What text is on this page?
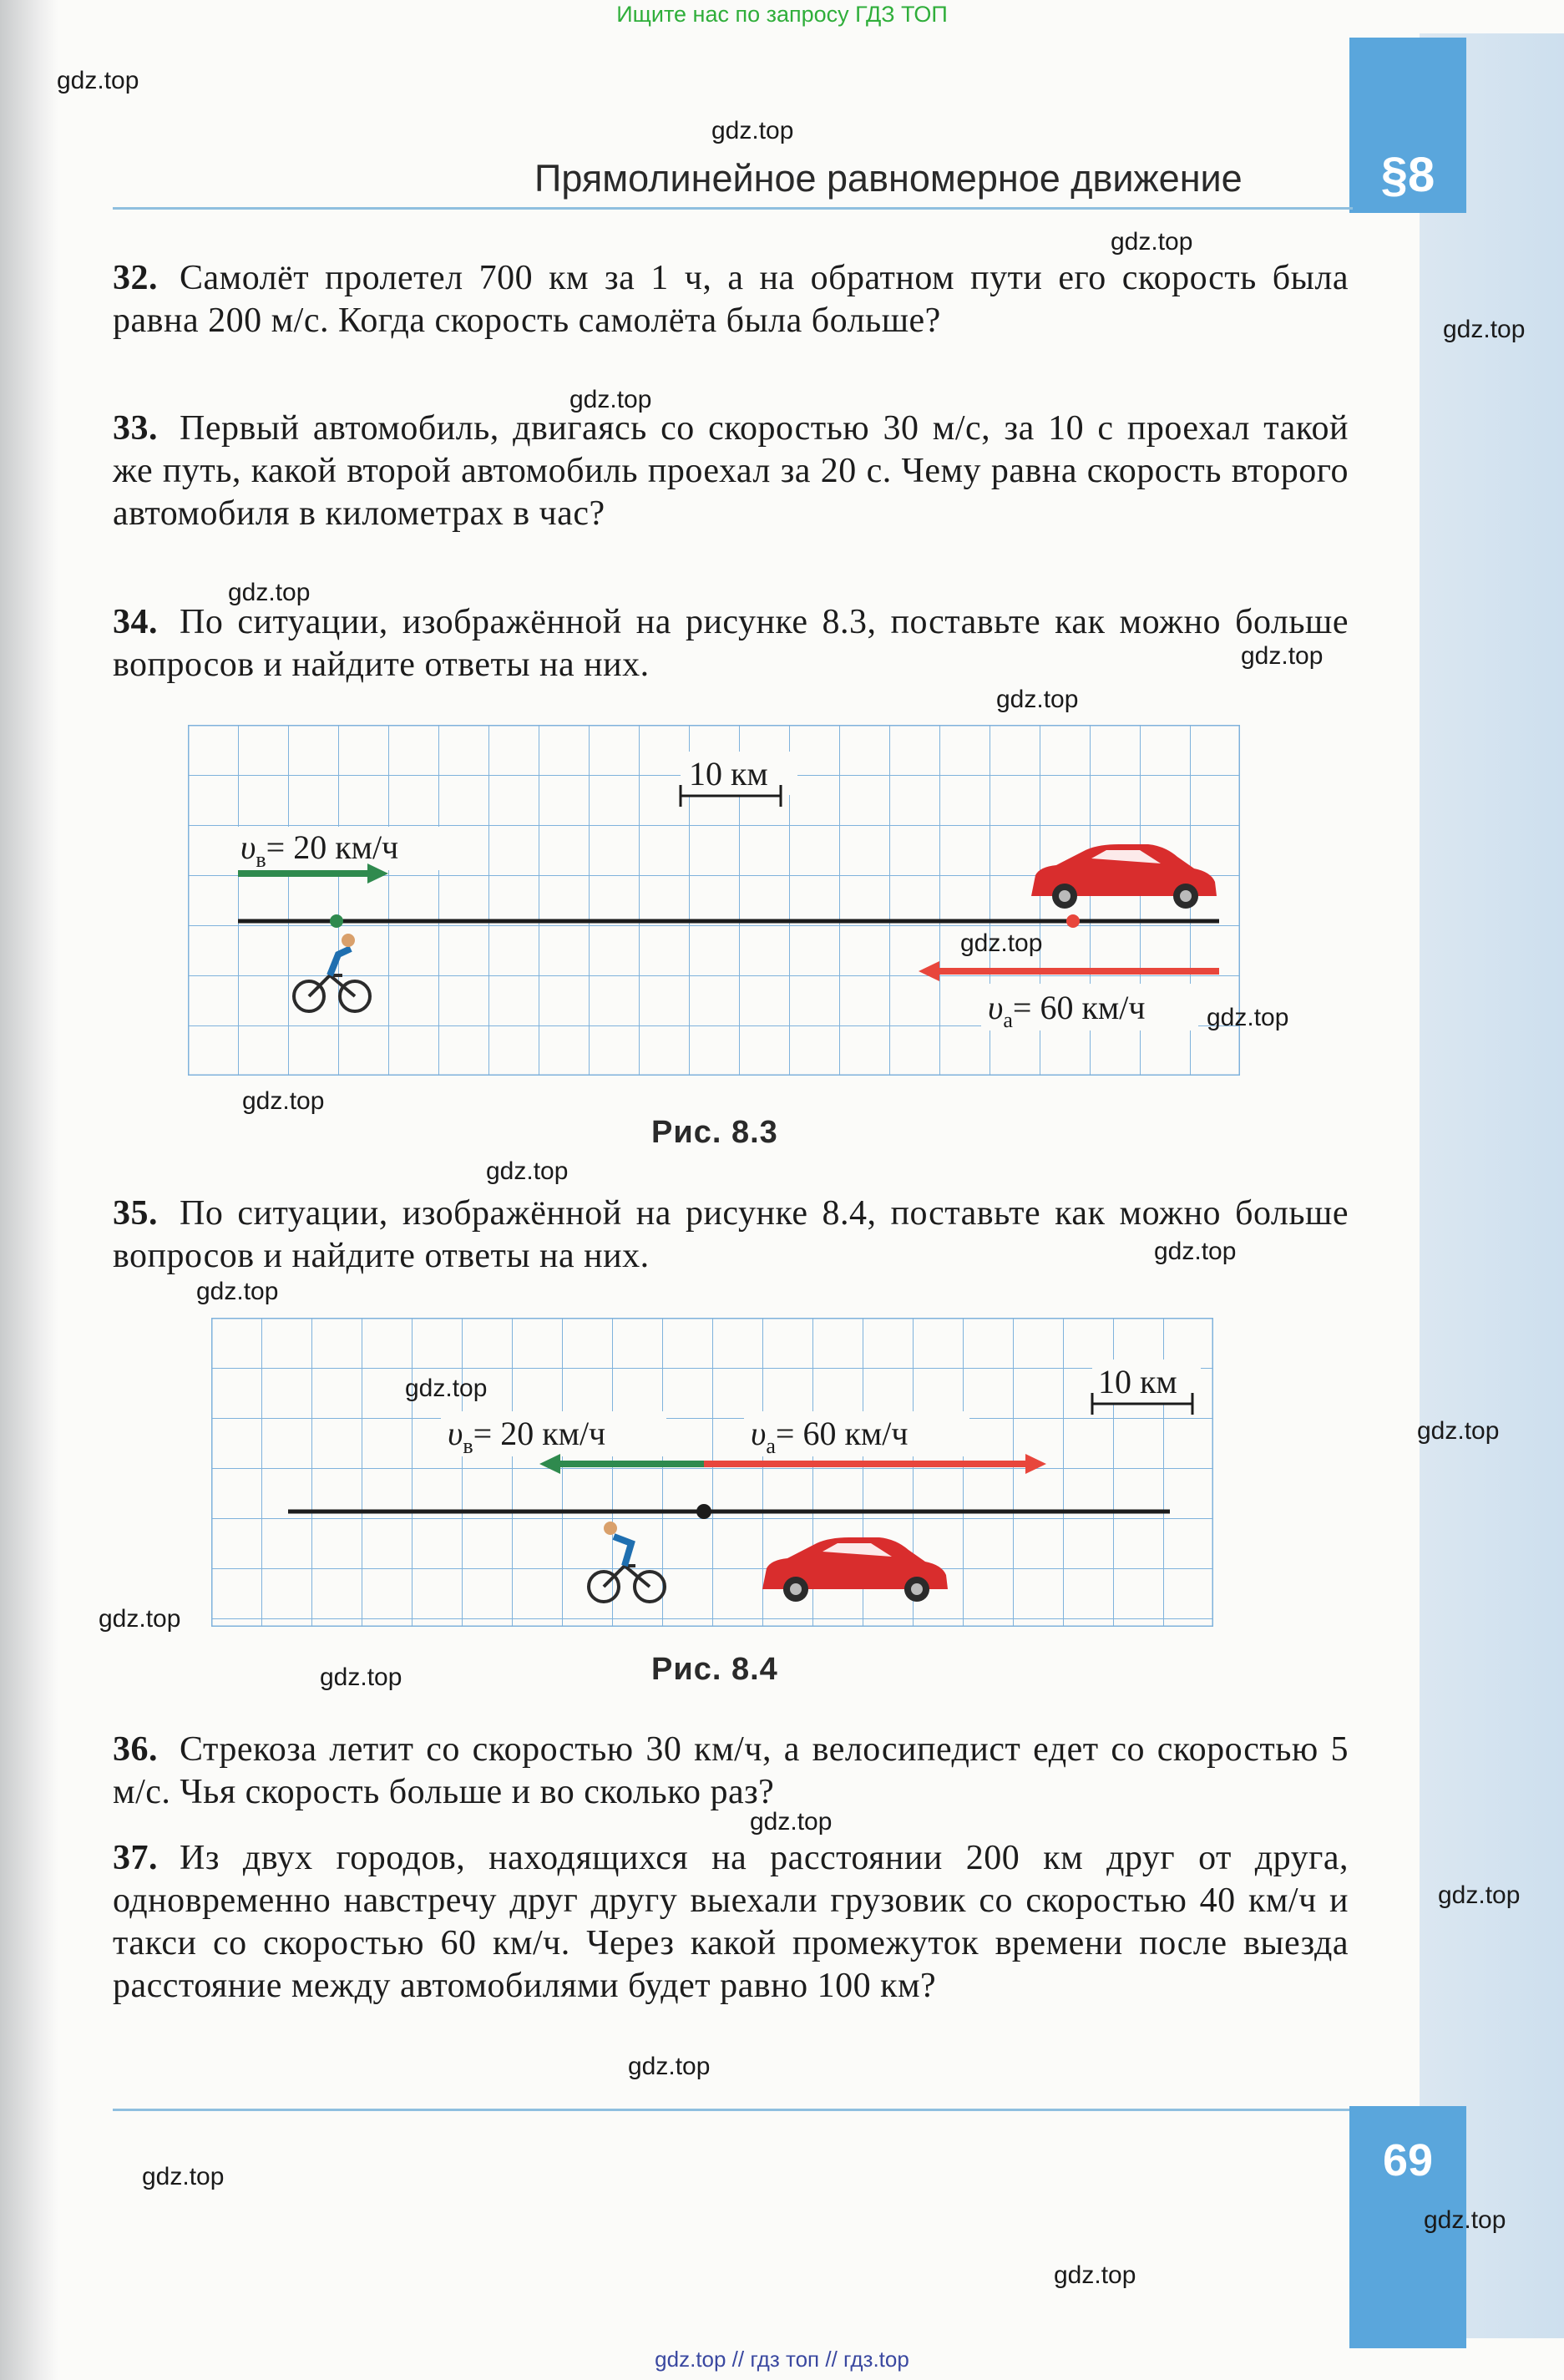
Ищите нас по запросу ГДЗ ТОП
§8
Прямолинейное равномерное движение
32. Самолёт пролетел 700 км за 1 ч, а на обратном пути его скорость была равна 200 м/с. Когда скорость самолёта была больше?
33. Первый автомобиль, двигаясь со скоростью 30 м/с, за 10 с проехал такой же путь, какой второй автомобиль проехал за 20 с. Чему равна скорость второго автомобиля в километрах в час?
34. По ситуации, изображённой на рисунке 8.3, поставьте как можно больше вопросов и найдите ответы на них.
10 км
$\upsilon_в= 20$ км/ч
$\upsilon_а= 60$ км/ч
Рис. 8.3
35. По ситуации, изображённой на рисунке 8.4, поставьте как можно больше вопросов и найдите ответы на них.
10 км
$\upsilon_в= 20$ км/ч	$\upsilon_а= 60$ км/ч
Рис. 8.4
36. Стрекоза летит со скоростью 30 км/ч, а велосипедист едет со скоростью 5 м/с. Чья скорость больше и во сколько раз?
37. Из двух городов, находящихся на расстоянии 200 км друг от друга, одновременно навстречу друг другу выехали грузовик со скоростью 40 км/ч и такси со скоростью 60 км/ч. Через какой промежуток времени после выезда расстояние между автомобилями будет равно 100 км?
69
gdz.top
gdz.top
gdz.top
gdz.top
gdz.top
gdz.top
gdz.top
gdz.top
gdz.top
gdz.top
gdz.top
gdz.top
gdz.top
gdz.top
gdz.top
gdz.top
gdz.top
gdz.top
gdz.top
gdz.top
gdz.top
gdz.top
gdz.top
gdz.top
gdz.top // гдз топ // гдз.top
